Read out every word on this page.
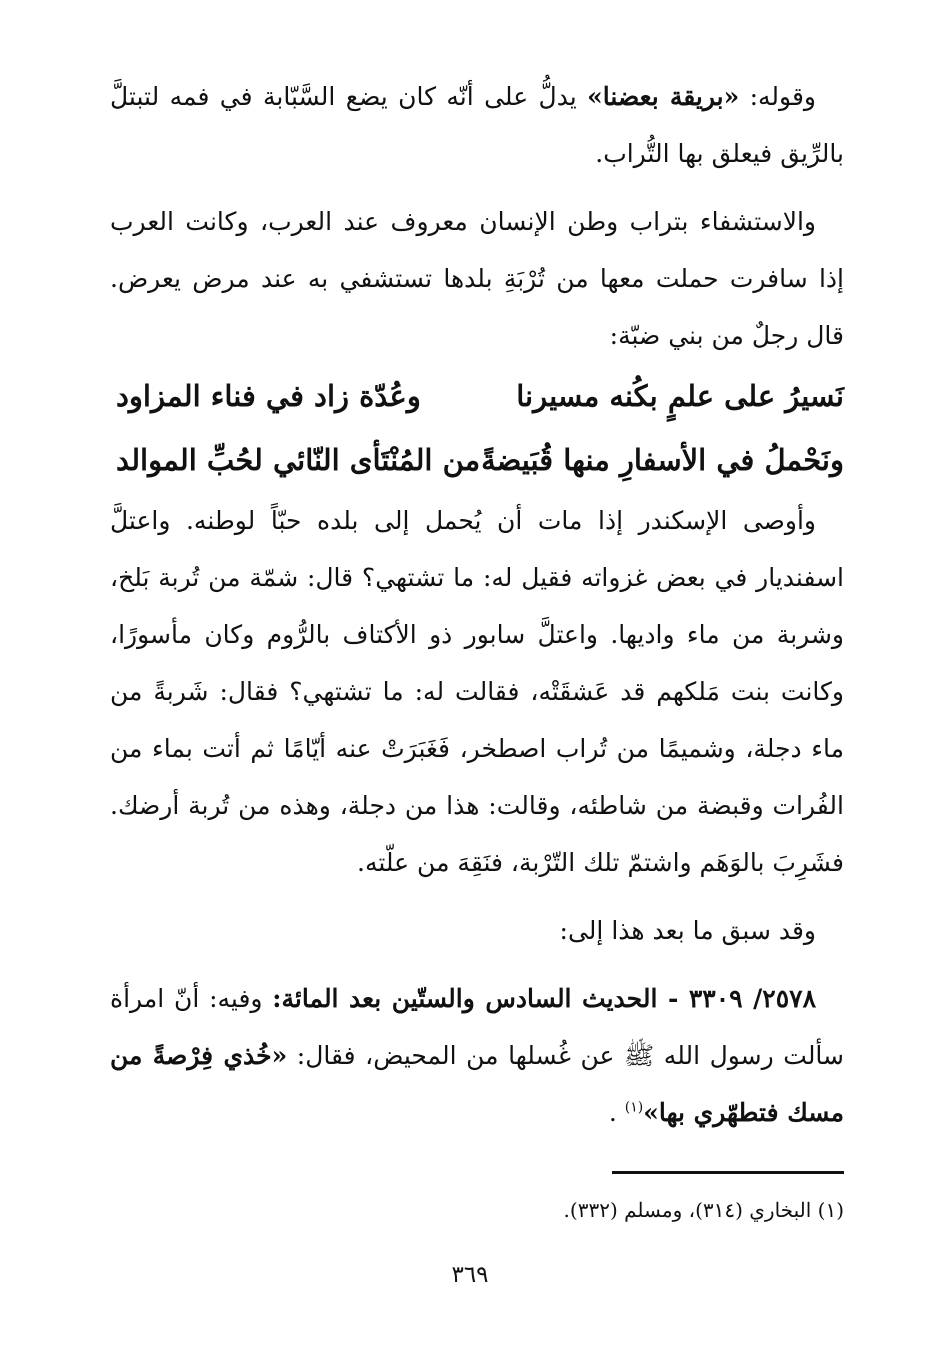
وقوله: «بريقة بعضنا» يدلُّ على أنّه كان يضع السَّبّابة في فمه لتبتلَّ بالرِّيق فيعلق بها التُّراب.

والاستشفاء بتراب وطن الإنسان معروف عند العرب، وكانت العرب إذا سافرت حملت معها من تُرْبَةِ بلدها تستشفي به عند مرض يعرض. قال رجلٌ من بني ضبّة:

نَسيرُ على علمٍ بكُنه مسيرنا
وعُدّة زاد في فناء المزاود
ونَحْملُ في الأسفارِ منها قُبَيضةً
من المُنْتَأى النّائي لحُبِّ الموالد

وأوصى الإسكندر إذا مات أن يُحمل إلى بلده حبّاً لوطنه. واعتلَّ اسفنديار في بعض غزواته فقيل له: ما تشتهي؟ قال: شمّة من تُربة بَلخ، وشربة من ماء واديها. واعتلَّ سابور ذو الأكتاف بالرُّوم وكان مأسورًا، وكانت بنت مَلكهم قد عَشقَتْه، فقالت له: ما تشتهي؟ فقال: شَربةً من ماء دجلة، وشميمًا من تُراب اصطخر، فَغَبَرَتْ عنه أيّامًا ثم أتت بماء من الفُرات وقبضة من شاطئه، وقالت: هذا من دجلة، وهذه من تُربة أرضك. فشَرِبَ بالوَهَم واشتمّ تلك التّرْبة، فنَقِهَ من علّته.

وقد سبق ما بعد هذا إلى:

٢٥٧٨/ ٣٣٠٩ - الحديث السادس والستّين بعد المائة: وفيه: أنّ امرأة سألت رسول الله ﷺ عن غُسلها من المحيض، فقال: «خُذي فِرْصةً من مسك فتطهّري بها»$^{(١)}$ .

(١) البخاري (٣١٤)، ومسلم (٣٣٢).

٣٦٩
